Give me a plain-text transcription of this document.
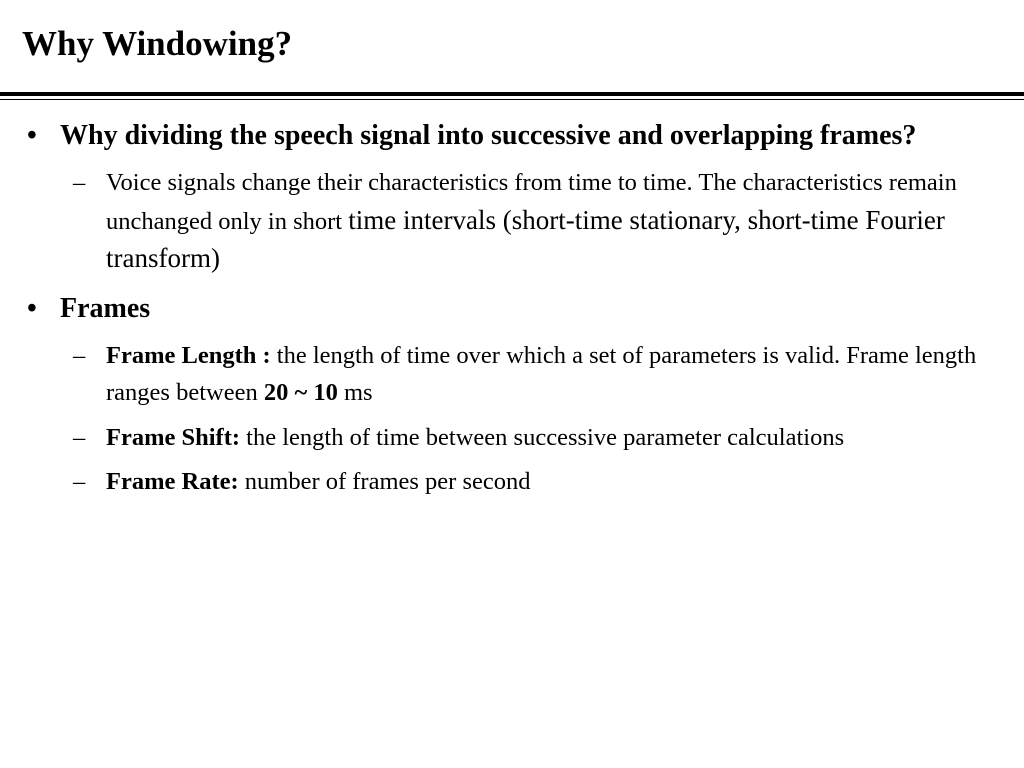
Why Windowing?
• Why dividing the speech signal into successive and overlapping frames?
– Voice signals change their characteristics from time to time. The characteristics remain unchanged only in short time intervals (short-time stationary, short-time Fourier transform)
• Frames
– Frame Length : the length of time over which a set of parameters is valid. Frame length ranges between 20 ~ 10 ms
– Frame Shift: the length of time between successive parameter calculations
– Frame Rate: number of frames per second
